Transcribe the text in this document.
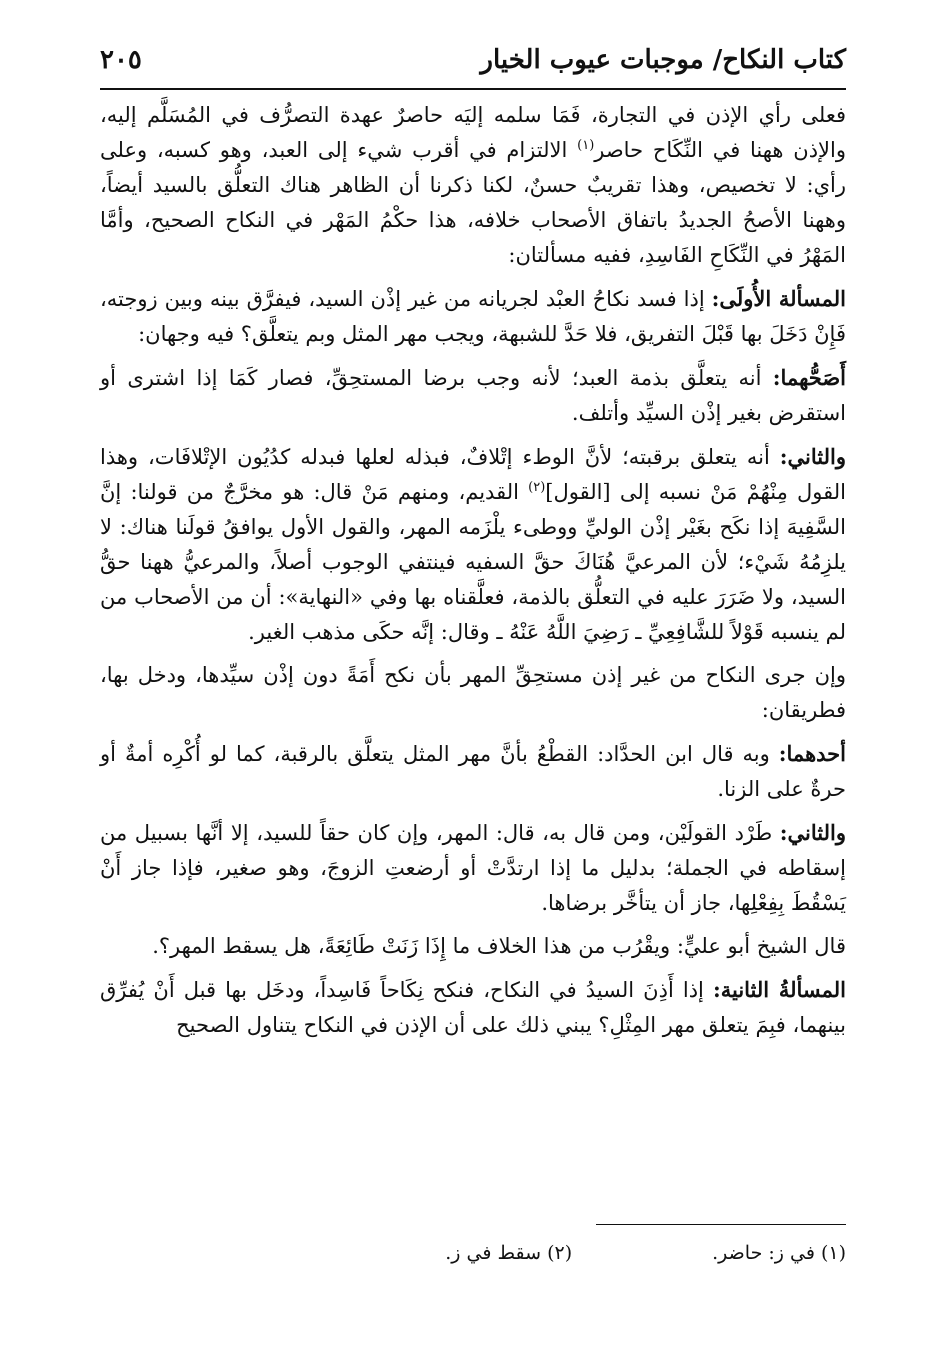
كتاب النكاح/ موجبات عيوب الخيار
٢٠٥

فعلى رأي الإذن في التجارة، فَمَا سلمه إليَه حاصرٌ عهدة التصرُّف في المُسَلَّم إليه، والإذن ههنا في النِّكَاح حاصر$^{(١)}$ الالتزام في أقرب شيء إلى العبد، وهو كسبه، وعلى رأي: لا تخصيص، وهذا تقريبٌ حسنٌ، لكنا ذكرنا أن الظاهر هناك التعلُّق بالسيد أيضاً، وههنا الأصحُ الجديدُ باتفاق الأصحاب خلافه، هذا حكْمُ المَهْر في النكاح الصحيح، وأمَّا المَهْرُ في النِّكَاحِ الفَاسِدِ، ففيه مسألتان:

المسألة الأُولَى: إذا فسد نكاحُ العبْد لجريانه من غير إذْن السيد، فيفرَّق بينه وبين زوجته، فَإِنْ دَخَلَ بها قَبْلَ التفريق، فلا حَدَّ للشبهة، ويجب مهر المثل وبم يتعلَّق؟ فيه وجهان:

أَصَحُّهما: أنه يتعلَّق بذمة العبد؛ لأنه وجب برضا المستحِقِّ، فصار كَمَا إذا اشترى أو استقرض بغير إذْن السيِّد وأتلف.

والثاني: أنه يتعلق برقبته؛ لأنَّ الوطء إتْلافٌ، فبذله لعلها فبدله كدُيُون الإتْلافَات، وهذا القول مِنْهُمْ مَنْ نسبه إلى [القول]$^{(٢)}$ القديم، ومنهم مَنْ قال: هو مخرَّجٌ من قولنا: إنَّ السَّفِيهَ إذا نكَح بغَيْر إذْن الوليِّ ووطىء يلْزَمه المهر، والقول الأول يوافقُ قولَنا هناك: لا يلزِمُهُ شَيْء؛ لأن المرعيَّ هُنَاكَ حقَّ السفيه فينتفي الوجوب أصلاً، والمرعيُّ ههنا حقُّ السيد، ولا ضَرَرَ عليه في التعلُّق بالذمة، فعلَّقناه بها وفي «النهاية»: أن من الأصحاب من لم ينسبه قَوْلاً للشَّافِعِيِّ ـ رَضِيَ اللَّهُ عَنْهُ ـ وقال: إنَّه حكَى مذهب الغير.

وإن جرى النكاح من غير إذن مستحِقِّ المهر بأن نكح أَمَةً دون إذْن سيِّدها، ودخل بها، فطريقان:

أحدهما: وبه قال ابن الحدَّاد: القطْعُ بأنَّ مهر المثل يتعلَّق بالرقبة، كما لو أُكْرِه أمةٌ أو حرةٌ على الزنا.

والثاني: طَرْد القولَيْن، ومن قال به، قال: المهر، وإن كان حقاً للسيد، إلا أنَّها بسبيل من إسقاطه في الجملة؛ بدليل ما إذا ارتدَّتْ أو أرضعتِ الزوجَ، وهو صغير، فإذا جاز أَنْ يَسْقُطَ بِفِعْلِها، جاز أن يتأخَّر برضاها.

قال الشيخ أبو عليٍّ: ويقْرُب من هذا الخلاف ما إِذَا زَنَتْ طَائِعَةً، هل يسقط المهر؟.

المسألةُ الثانية: إذا أَذِنَ السيدُ في النكاح، فنكح نِكَاحاً فَاسِداً، ودخَل بها قبل أَنْ يُفرِّق بينهما، فبِمَ يتعلق مهر المِثْلِ؟ يبني ذلك على أن الإذن في النكاح يتناول الصحيح

(١) في ز: حاضر.
(٢) سقط في ز.
